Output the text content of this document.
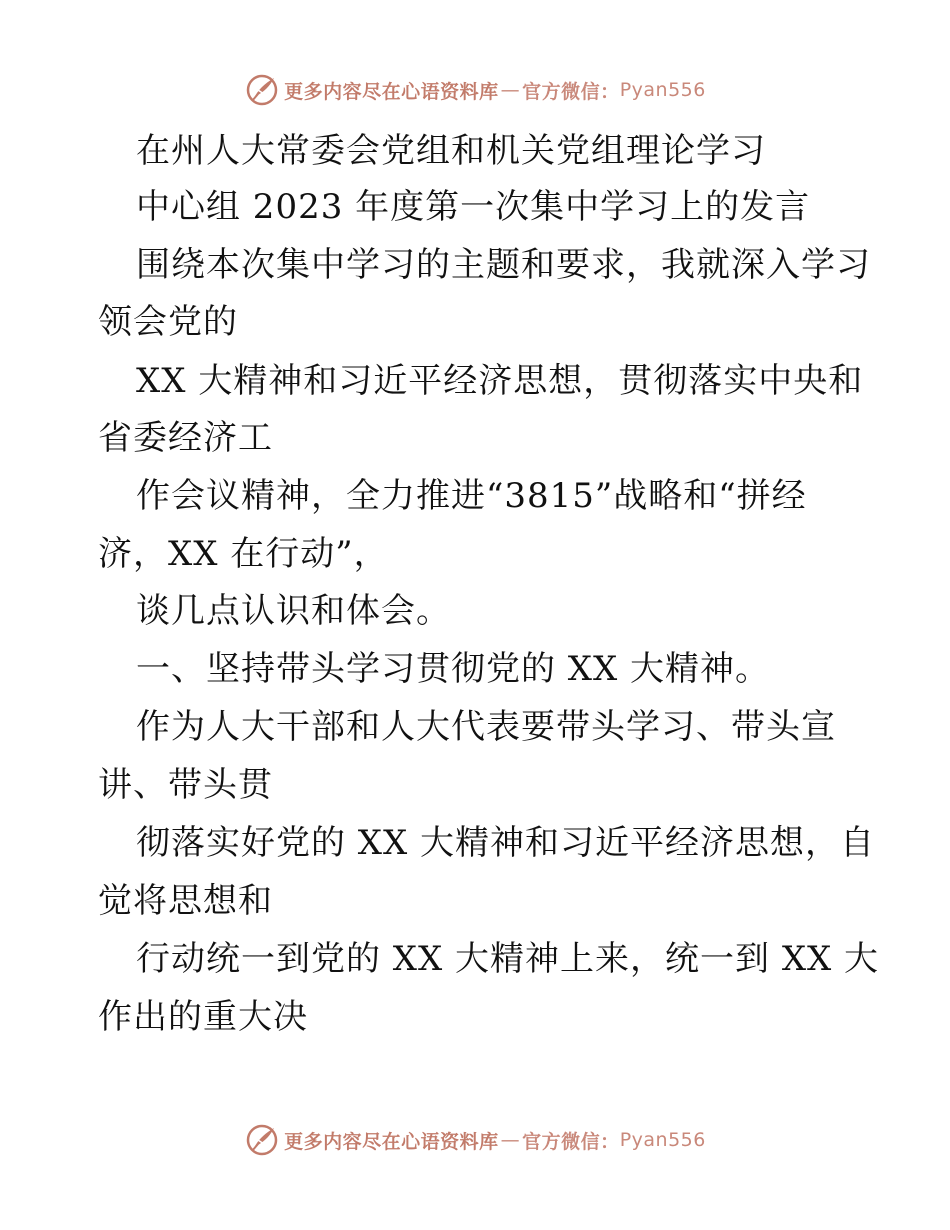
更多内容尽在心语资料库 — 官方微信： Pyan556
在州人大常委会党组和机关党组理论学习
中心组 2023 年度第一次集中学习上的发言
围绕本次集中学习的主题和要求，我就深入学习
领会党的
XX 大精神和习近平经济思想，贯彻落实中央和
省委经济工
作会议精神，全力推进“3815”战略和“拼经
济，XX 在行动”，
谈几点认识和体会。
一、坚持带头学习贯彻党的 XX 大精神。
作为人大干部和人大代表要带头学习、带头宣
讲、带头贯
彻落实好党的 XX 大精神和习近平经济思想，自
觉将思想和
行动统一到党的 XX 大精神上来，统一到 XX 大
作出的重大决
更多内容尽在心语资料库 — 官方微信： Pyan556
